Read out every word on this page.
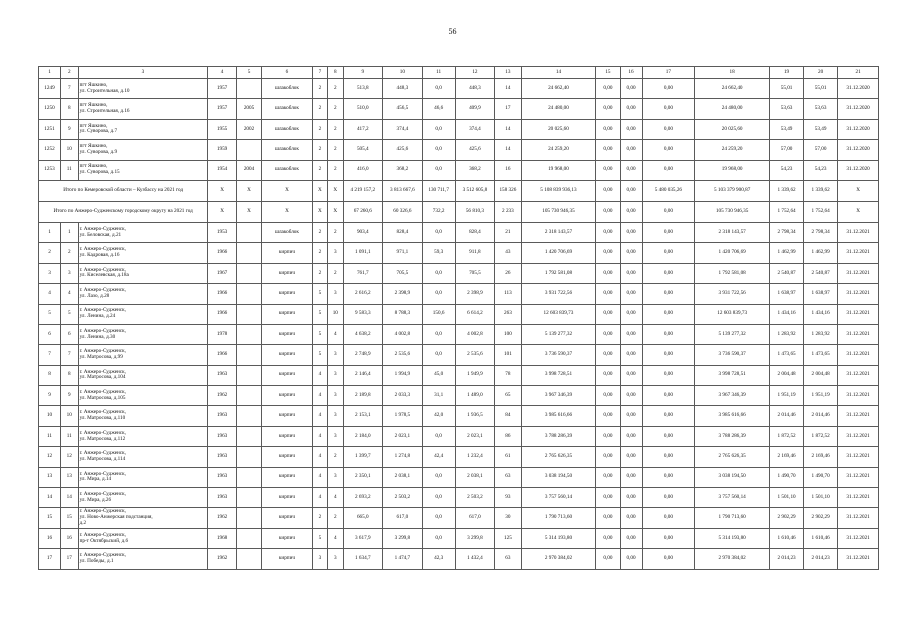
56
1	2	3	4	5	6	7	8	9	10	11	12	13	14	15	16	17	18	19	20	21
1249	7	пгт Яшкино,
ул. Строительная, д.10	1957		шлакоблок	2	2	513,8	448,3	0,0	448,3	14	24 662,40	0,00	0,00	0,00	24 662,40	55,01	55,01	31.12.2020
1250	8	пгт Яшкино,
ул. Строительная, д.16	1957	2005	шлакоблок	2	2	510,0	456,5	46,6	409,9	17	24 480,00	0,00	0,00	0,00	24 480,00	53,63	53,63	31.12.2020
1251	9	пгт Яшкино,
ул. Суворова, д.7	1955	2002	шлакоблок	2	2	417,2	374,4	0,0	374,4	14	20 025,60	0,00	0,00	0,00	20 025,60	53,49	53,49	31.12.2020
1252	10	пгт Яшкино,
ул. Суворова, д.9	1959		шлакоблок	2	2	505,4	425,6	0,0	425,6	14	24 259,20	0,00	0,00	0,00	24 259,20	57,00	57,00	31.12.2020
1253	11	пгт Яшкино,
ул. Суворова, д.15	1954	2004	шлакоблок	2	2	416,0	368,2	0,0	368,2	16	19 968,00	0,00	0,00	0,00	19 968,00	54,23	54,23	31.12.2020
Итого по Кемеровской области – Кузбассу на 2021 год			X	X	X	X	X	4 219 157,2	3 813 667,6	130 711,7	3 512 605,8	158 326	5 108 839 936,13	0,00	0,00	5 480 035,26	5 103 379 900,87	1 339,62	1 339,62	X
Итого по Анжеро-Судженскому городскому округу на 2021 год			X	X	X	X	X	67 260,6	60 326,6	732,2	56 810,3	2 233	105 730 946,35	0,00	0,00	0,00	105 730 946,35	1 752,64	1 752,64	X
1	1	г. Анжеро-Судженск,
ул. Беловская, д.21	1953		шлакоблок	2	2	903,4	828,4	0,0	828,4	21	2 318 143,57	0,00	0,00	0,00	2 318 143,57	2 798,34	2 798,34	31.12.2021
2	2	г. Анжеро-Судженск,
ул. Кадровая, д.16	1966		кирпич	2	3	1 091,1	971,1	59,3	911,8	43	1 420 706,69	0,00	0,00	0,00	1 420 706,69	1 462,99	1 462,99	31.12.2021
3	3	г. Анжеро-Судженск,
ул. Киселевская, д.18а	1967		кирпич	2	2	761,7	705,5	0,0	705,5	26	1 792 581,08	0,00	0,00	0,00	1 792 581,08	2 540,87	2 540,87	31.12.2021
4	4	г. Анжеро-Судженск,
ул. Лазо, д.28	1966		кирпич	5	3	2 616,2	2 398,9	0,0	2 398,9	113	3 931 722,56	0,00	0,00	0,00	3 931 722,56	1 638,97	1 638,97	31.12.2021
5	5	г. Анжеро-Судженск,
ул. Ленина, д.24	1966		кирпич	5	10	9 583,3	8 788,3	150,6	6 614,2	263	12 603 839,73	0,00	0,00	0,00	12 603 839,73	1 434,16	1 434,16	31.12.2021
6	6	г. Анжеро-Судженск,
ул. Ленина, д.30	1978		кирпич	5	4	4 638,2	4 002,8	0,0	4 002,8	100	5 139 277,32	0,00	0,00	0,00	5 139 277,32	1 283,92	1 283,92	31.12.2021
7	7	г. Анжеро-Судженск,
ул. Матросова, д.99	1966		кирпич	5	3	2 748,9	2 535,6	0,0	2 535,6	101	3 736 590,37	0,00	0,00	0,00	3 736 590,37	1 473,65	1 473,65	31.12.2021
8	8	г. Анжеро-Судженск,
ул. Матросова, д.104	1963		кирпич	4	3	2 146,4	1 994,9	45,0	1 949,9	78	3 998 728,51	0,00	0,00	0,00	3 998 728,51	2 004,48	2 004,48	31.12.2021
9	9	г. Анжеро-Судженск,
ул. Матросова, д.105	1962		кирпич	4	3	2 189,8	2 033,3	31,1	1 489,0	65	3 967 346,39	0,00	0,00	0,00	3 967 346,39	1 951,19	1 951,19	31.12.2021
10	10	г. Анжеро-Судженск,
ул. Матросова, д.110	1963		кирпич	4	3	2 153,1	1 978,5	42,0	1 936,5	84	3 985 616,66	0,00	0,00	0,00	3 985 616,66	2 014,46	2 014,46	31.12.2021
11	11	г. Анжеро-Судженск,
ул. Матросова, д.112	1963		кирпич	4	3	2 184,0	2 023,1	0,0	2 023,1	86	3 788 286,39	0,00	0,00	0,00	3 788 286,39	1 872,52	1 872,52	31.12.2021
12	12	г. Анжеро-Судженск,
ул. Матросова, д.114	1963		кирпич	4	2	1 399,7	1 274,8	42,4	1 232,4	61	2 765 626,35	0,00	0,00	0,00	2 765 626,35	2 169,46	2 169,46	31.12.2021
13	13	г. Анжеро-Судженск,
ул. Мира, д.14	1963		кирпич	4	3	2 350,1	2 038,1	0,0	2 038,1	63	3 038 194,50	0,00	0,00	0,00	3 038 194,50	1 490,70	1 490,70	31.12.2021
14	14	г. Анжеро-Судженск,
ул. Мира, д.26	1963		кирпич	4	4	2 693,2	2 503,2	0,0	2 503,2	93	3 757 560,14	0,00	0,00	0,00	3 757 560,14	1 501,10	1 501,10	31.12.2021
15	15	г. Анжеро-Судженск,
ул. Ново-Анжерская подстанция,
д.2	1962		кирпич	2	2	665,0	617,0	0,0	617,0	30	1 790 713,60	0,00	0,00	0,00	1 790 713,60	2 902,29	2 902,29	31.12.2021
16	16	г. Анжеро-Судженск,
пр-т Октябрьский, д.6	1968		кирпич	5	4	3 617,9	3 299,8	0,0	3 299,8	125	5 314 193,80	0,00	0,00	0,00	5 314 193,80	1 610,46	1 610,46	31.12.2021
17	17	г. Анжеро-Судженск,
ул. Победы, д.1	1962		кирпич	3	3	1 634,7	1 474,7	42,3	1 432,4	63	2 970 384,02	0,00	0,00	0,00	2 970 384,02	2 014,23	2 014,23	31.12.2021
